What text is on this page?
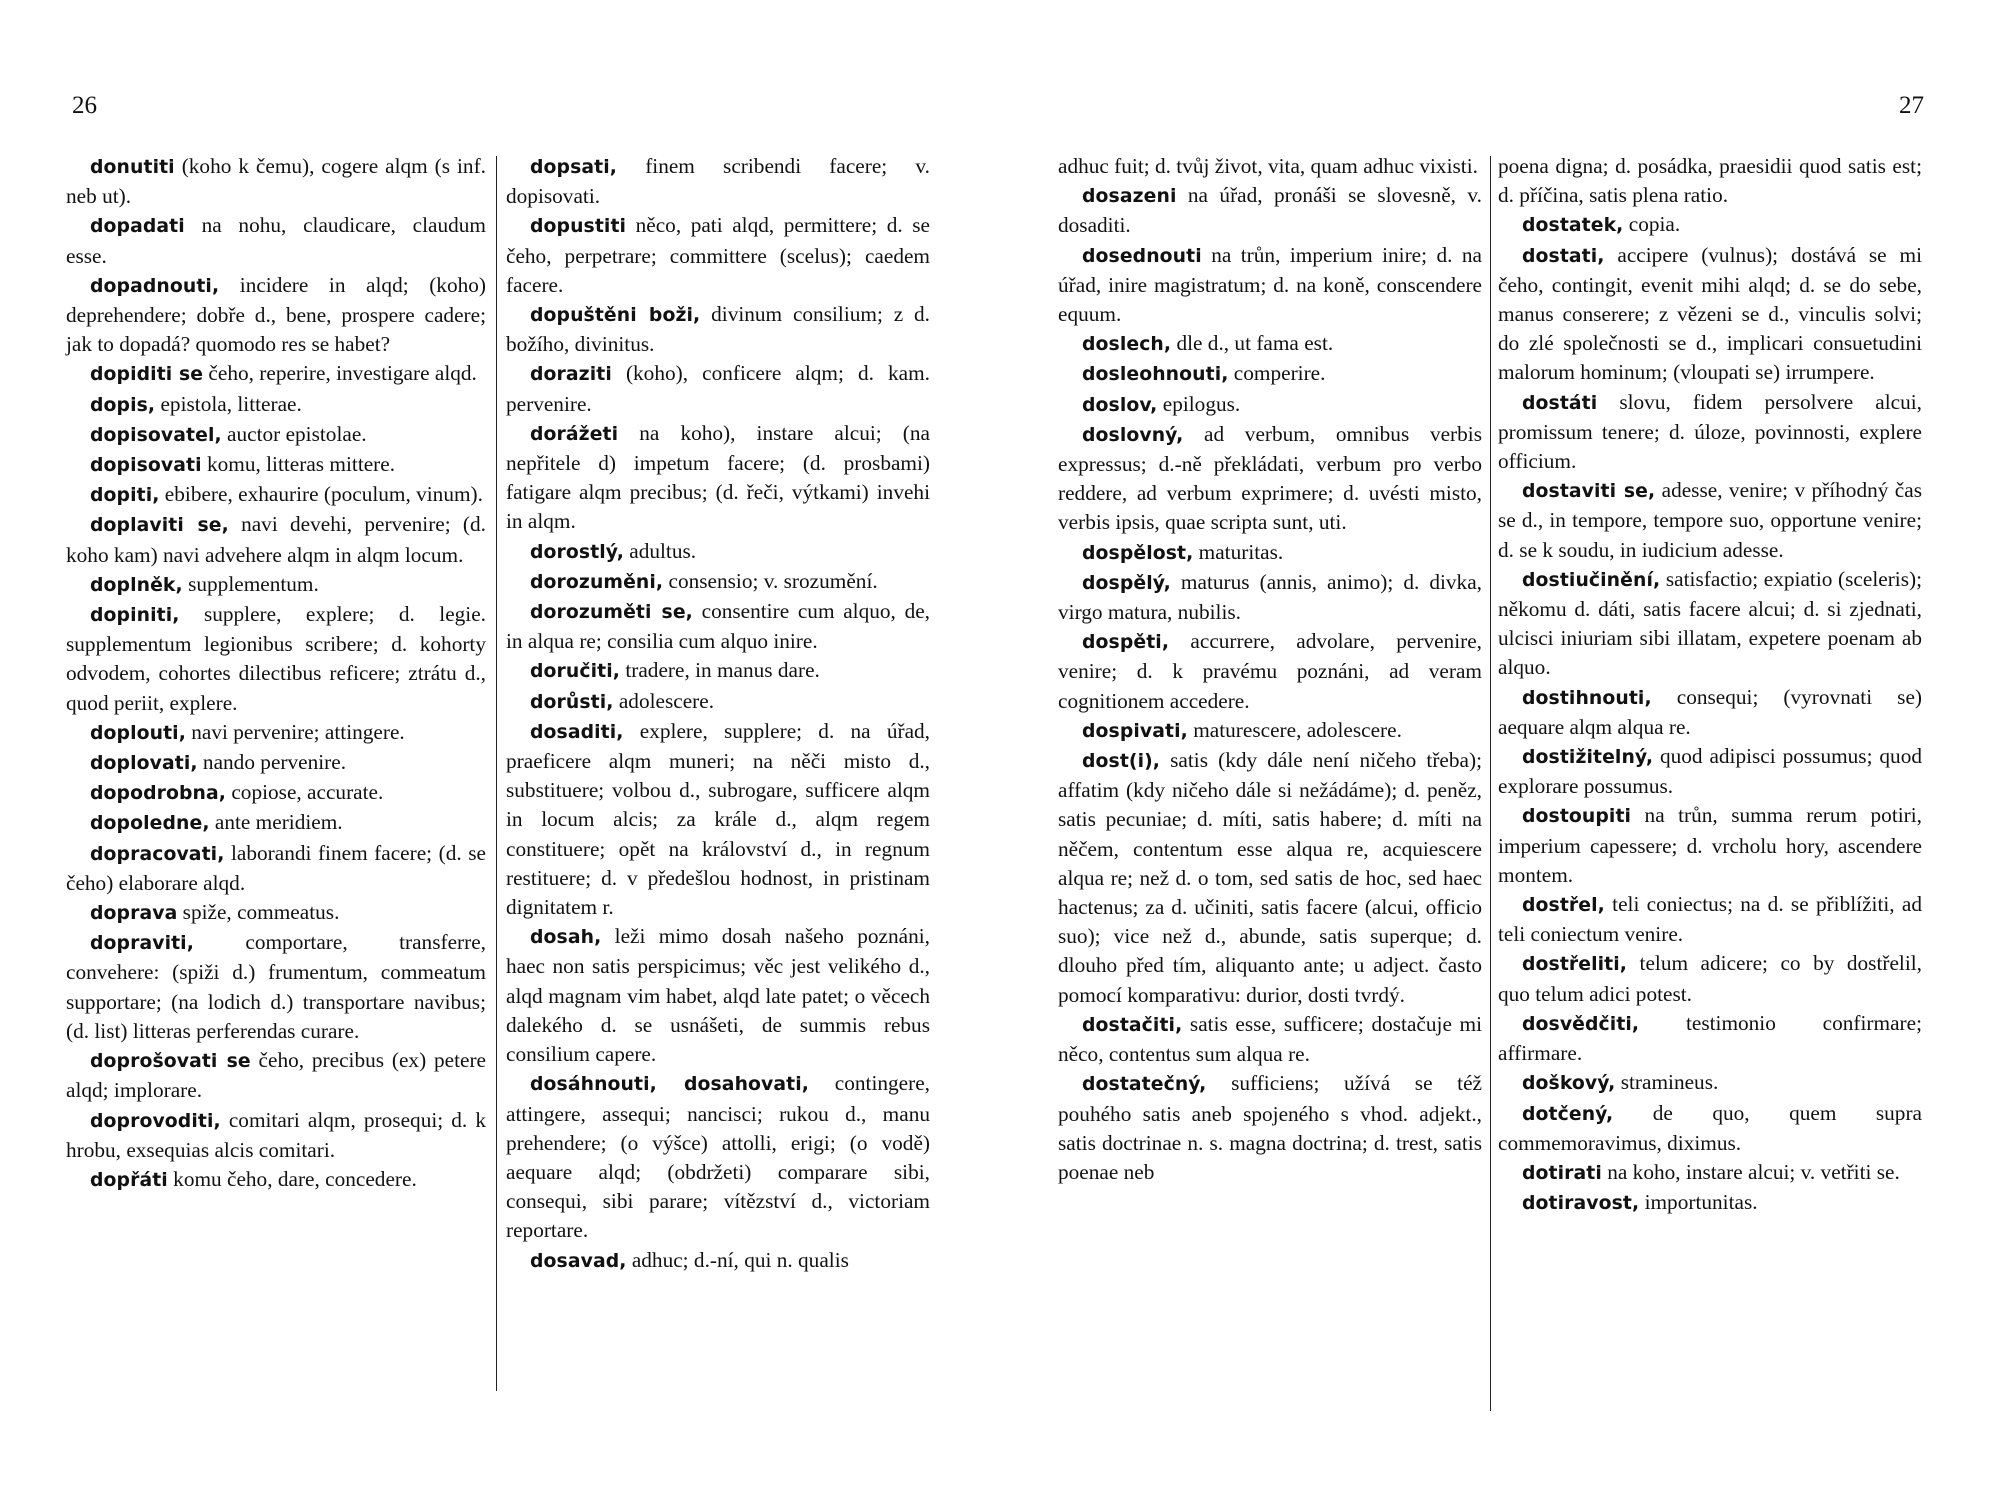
26	27

donutiti (koho k čemu), cogere alqm (s inf. neb ut).

dopadati na nohu, claudicare, claudum esse.

dopadnouti, incidere in alqd; (koho) deprehendere; dobře d., bene, prospere cadere; jak to dopadá? quomodo res se habet?

dopiditi se čeho, reperire, investigare alqd.

dopis, epistola, litterae.

dopisovatel, auctor epistolae.

dopisovati komu, litteras mittere.

dopiti, ebibere, exhaurire (poculum, vinum).

doplaviti se, navi devehi, pervenire; (d. koho kam) navi advehere alqm in alqm locum.

doplněk, supplementum.

dopiniti, supplere, explere; d. legie. supplementum legionibus scribere; d. kohorty odvodem, cohortes dilectibus reficere; ztrátu d., quod periit, explere.

doplouti, navi pervenire; attingere.

doplovati, nando pervenire.

dopodrobna, copiose, accurate.

dopoledne, ante meridiem.

dopracovati, laborandi finem facere; (d. se čeho) elaborare alqd.

doprava spiže, commeatus.

dopraviti, comportare, transferre, convehere: (spiži d.) frumentum, commeatum supportare; (na lodich d.) transportare navibus; (d. list) litteras perferendas curare.

doprošovati se čeho, precibus (ex) petere alqd; implorare.

doprovoditi, comitari alqm, prosequi; d. k hrobu, exsequias alcis comitari.

dopřáti komu čeho, dare, concedere.

dopsati, finem scribendi facere; v. dopisovati.

dopustiti něco, pati alqd, permittere; d. se čeho, perpetrare; committere (scelus); caedem facere.

dopuštěni boži, divinum consilium; z d. božího, divinitus.

doraziti (koho), conficere alqm; d. kam. pervenire.

dorážeti na koho), instare alcui; (na nepřitele d) impetum facere; (d. prosbami) fatigare alqm precibus; (d. řeči, výtkami) invehi in alqm.

dorostlý, adultus.

dorozuměni, consensio; v. srozumění.

dorozuměti se, consentire cum alquo, de, in alqua re; consilia cum alquo inire.

doručiti, tradere, in manus dare.

dorůsti, adolescere.

dosaditi, explere, supplere; d. na úřad, praeficere alqm muneri; na něči misto d., substituere; volbou d., subrogare, sufficere alqm in locum alcis; za krále d., alqm regem constituere; opět na království d., in regnum restituere; d. v předešlou hodnost, in pristinam dignitatem r.

dosah, leži mimo dosah našeho poznáni, haec non satis perspicimus; věc jest velikého d., alqd magnam vim habet, alqd late patet; o věcech dalekého d. se usnášeti, de summis rebus consilium capere.

dosáhnouti, dosahovati, contingere, attingere, assequi; nancisci; rukou d., manu prehendere; (o výšce) attolli, erigi; (o vodě) aequare alqd; (obdržeti) comparare sibi, consequi, sibi parare; vítězství d., victoriam reportare.

dosavad, adhuc; d.-ní, qui n. qualis

adhuc fuit; d. tvůj život, vita, quam adhuc vixisti.

dosazeni na úřad, pronáši se slovesně, v. dosaditi.

dosednouti na trůn, imperium inire; d. na úřad, inire magistratum; d. na koně, conscendere equum.

doslech, dle d., ut fama est.

dosleohnouti, comperire.

doslov, epilogus.

doslovný, ad verbum, omnibus verbis expressus; d.-ně překládati, verbum pro verbo reddere, ad verbum exprimere; d. uvésti misto, verbis ipsis, quae scripta sunt, uti.

dospělost, maturitas.

dospělý, maturus (annis, animo); d. divka, virgo matura, nubilis.

dospěti, accurrere, advolare, pervenire, venire; d. k pravému poznáni, ad veram cognitionem accedere.

dospivati, maturescere, adolescere.

dost(i), satis (kdy dále není ničeho třeba); affatim (kdy ničeho dále si nežádáme); d. peněz, satis pecuniae; d. míti, satis habere; d. míti na něčem, contentum esse alqua re, acquiescere alqua re; než d. o tom, sed satis de hoc, sed haec hactenus; za d. učiniti, satis facere (alcui, officio suo); vice než d., abunde, satis superque; d. dlouho před tím, aliquanto ante; u adject. často pomocí komparativu: durior, dosti tvrdý.

dostačiti, satis esse, sufficere; dostačuje mi něco, contentus sum alqua re.

dostatečný, sufficiens; užívá se též pouhého satis aneb spojeného s vhod. adjekt., satis doctrinae n. s. magna doctrina; d. trest, satis poenae neb

poena digna; d. posádka, praesidii quod satis est; d. příčina, satis plena ratio.

dostatek, copia.

dostati, accipere (vulnus); dostává se mi čeho, contingit, evenit mihi alqd; d. se do sebe, manus conserere; z vězeni se d., vinculis solvi; do zlé společnosti se d., implicari consuetudini malorum hominum; (vloupati se) irrumpere.

dostáti slovu, fidem persolvere alcui, promissum tenere; d. úloze, povinnosti, explere officium.

dostaviti se, adesse, venire; v příhodný čas se d., in tempore, tempore suo, opportune venire; d. se k soudu, in iudicium adesse.

dostiučinění, satisfactio; expiatio (sceleris); někomu d. dáti, satis facere alcui; d. si zjednati, ulcisci iniuriam sibi illatam, expetere poenam ab alquo.

dostihnouti, consequi; (vyrovnati se) aequare alqm alqua re.

dostižitelný, quod adipisci possumus; quod explorare possumus.

dostoupiti na trůn, summa rerum potiri, imperium capessere; d. vrcholu hory, ascendere montem.

dostřel, teli coniectus; na d. se přiblížiti, ad teli coniectum venire.

dostřeliti, telum adicere; co by dostřelil, quo telum adici potest.

dosvědčiti, testimonio confirmare; affirmare.

doškový, stramineus.

dotčený, de quo, quem supra commemoravimus, diximus.

dotirati na koho, instare alcui; v. vetřiti se.

dotiravost, importunitas.
